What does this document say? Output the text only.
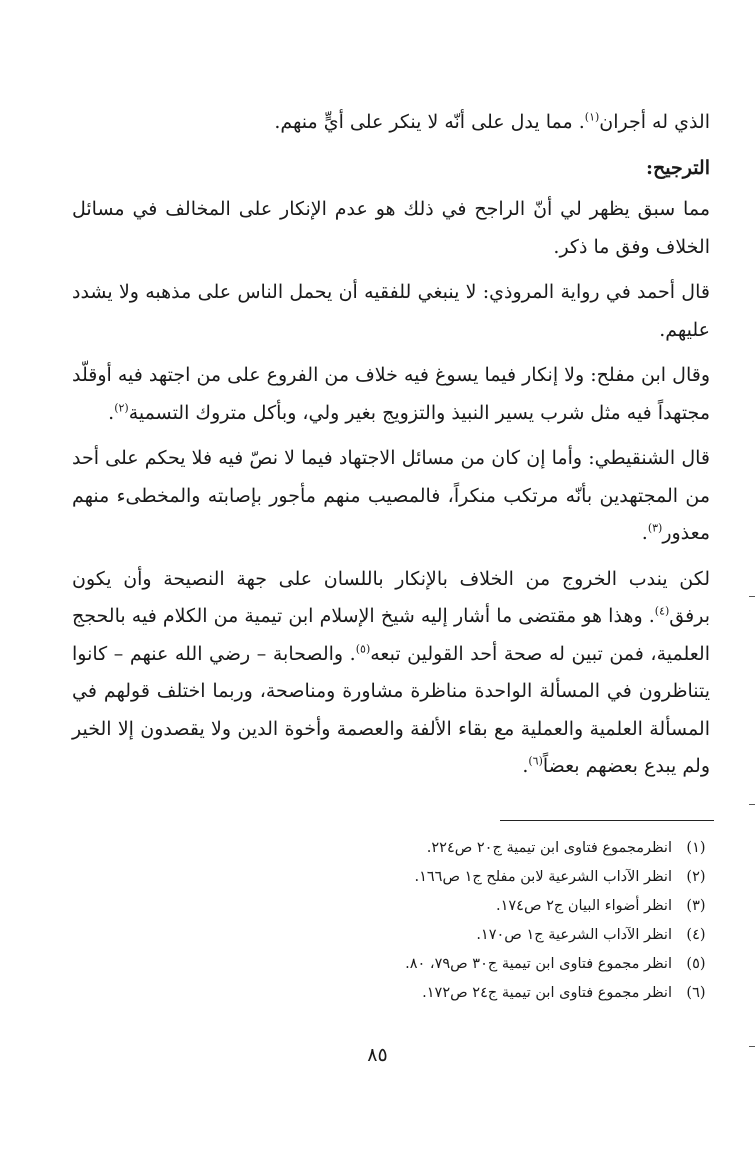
الذي له أجران$^{(١)}$. مما يدل على أنّه لا ينكر على أيٍّ منهم.

الترجيح:

مما سبق يظهر لي أنّ الراجح في ذلك هو عدم الإنكار على المخالف في مسائل الخلاف وفق ما ذكر.

قال أحمد في رواية المروذي: لا ينبغي للفقيه أن يحمل الناس على مذهبه ولا يشدد عليهم.

وقال ابن مفلح: ولا إنكار فيما يسوغ فيه خلاف من الفروع على من اجتهد فيه أوقلّد مجتهداً فيه مثل شرب يسير النبيذ والتزويج بغير ولي، وبأكل متروك التسمية$^{(٢)}$.

قال الشنقيطي: وأما إن كان من مسائل الاجتهاد فيما لا نصّ فيه فلا يحكم على أحد من المجتهدين بأنّه مرتكب منكراً، فالمصيب منهم مأجور بإصابته والمخطىء منهم معذور$^{(٣)}$.

لكن يندب الخروج من الخلاف بالإنكار باللسان على جهة النصيحة وأن يكون برفق$^{(٤)}$. وهذا هو مقتضى ما أشار إليه شيخ الإسلام ابن تيمية من الكلام فيه بالحجج العلمية، فمن تبين له صحة أحد القولين تبعه$^{(٥)}$. والصحابة – رضي الله عنهم – كانوا يتناظرون في المسألة الواحدة مناظرة مشاورة ومناصحة، وربما اختلف قولهم في المسألة العلمية والعملية مع بقاء الألفة والعصمة وأخوة الدين ولا يقصدون إلا الخير ولم يبدع بعضهم بعضاً$^{(٦)}$.

(١)
انظرمجموع فتاوى ابن تيمية ج٢٠ ص٢٢٤.
(٢)
انظر الآداب الشرعية لابن مفلح ج١ ص١٦٦.
(٣)
انظر أضواء البيان ج٢ ص١٧٤.
(٤)
انظر الآداب الشرعية ج١ ص١٧٠.
(٥)
انظر مجموع فتاوى ابن تيمية ج٣٠ ص٧٩، ٨٠.
(٦)
انظر مجموع فتاوى ابن تيمية ج٢٤ ص١٧٢.
٨٥
